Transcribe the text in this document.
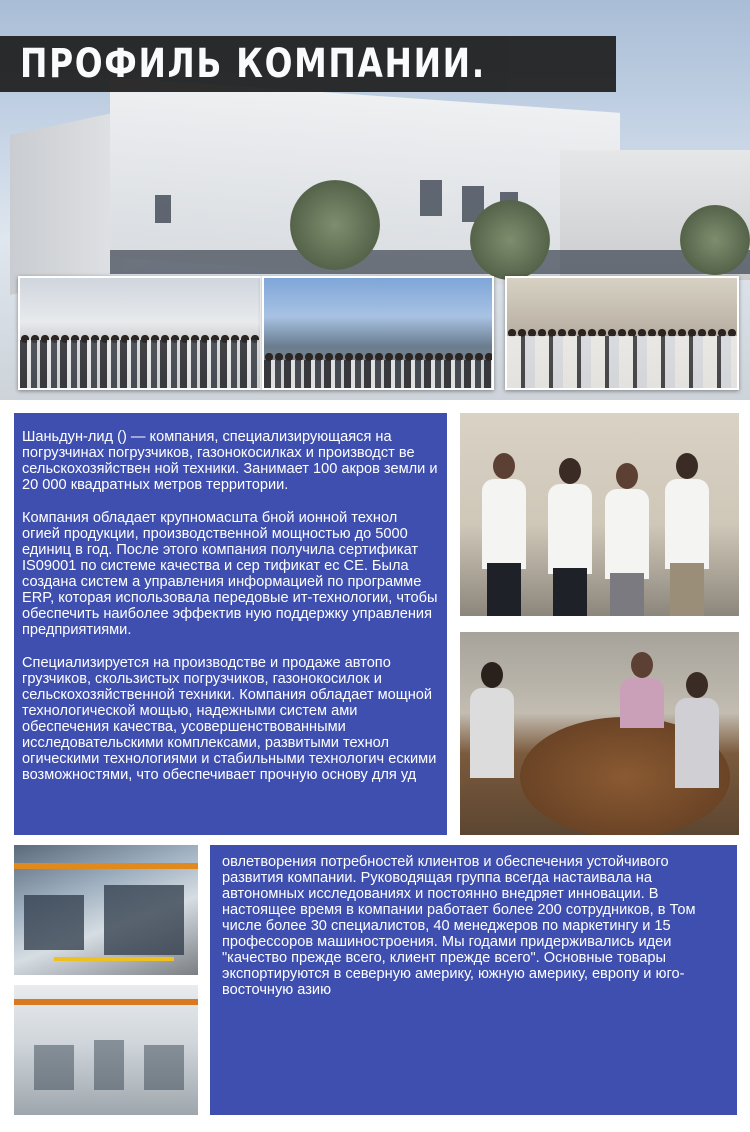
ПРОФИЛЬ КОМПАНИИ.

Шаньдун-лид () — компания, специализирующаяся на погрузчинах погрузчиков, газонокосилках и производст ве сельскохозяйствен ной техники. Занимает 100 акров земли и 20 000 квадратных метров территории.

Компания обладает крупномасшта бной ионной технол огией продукции, производственной мощностью до 5000 единиц в год. После этого компания получила сертификат IS09001 по системе качества и сер тификат ec CE. Была создана систем а управления информацией по программе ERP, которая использовала передовые ит-технологии, чтобы обеспечить наиболее эффектив ную поддержку управления предприятиями.

Специализируется на производстве и продаже автопо грузчиков, скользистых погрузчиков, газонокосилок и сельскохозяйственной техники. Компания обладает мощной технологической мощью, надежными систем ами обеспечения качества, усовершенствованными исследовательскими комплексами, развитыми технол огическими технологиями и стабильными технологич ескими возможностями, что обеспечивает прочную основу для уд

овлетворения потребностей клиентов и обеспечения устойчивого развития компании. Руководящая группа всегда настаивала на автономных исследованиях и постоянно внедряет инновации. В настоящее время в компании работает более 200 сотрудников, в Том числе более 30 специалистов, 40 менеджеров по маркетингу и 15 профессоров машиностроения. Мы годами придерживались идеи "качество прежде всего, клиент прежде всего". Основные товары экспортируются в северную америку, южную америку, европу и юго-восточную азию
